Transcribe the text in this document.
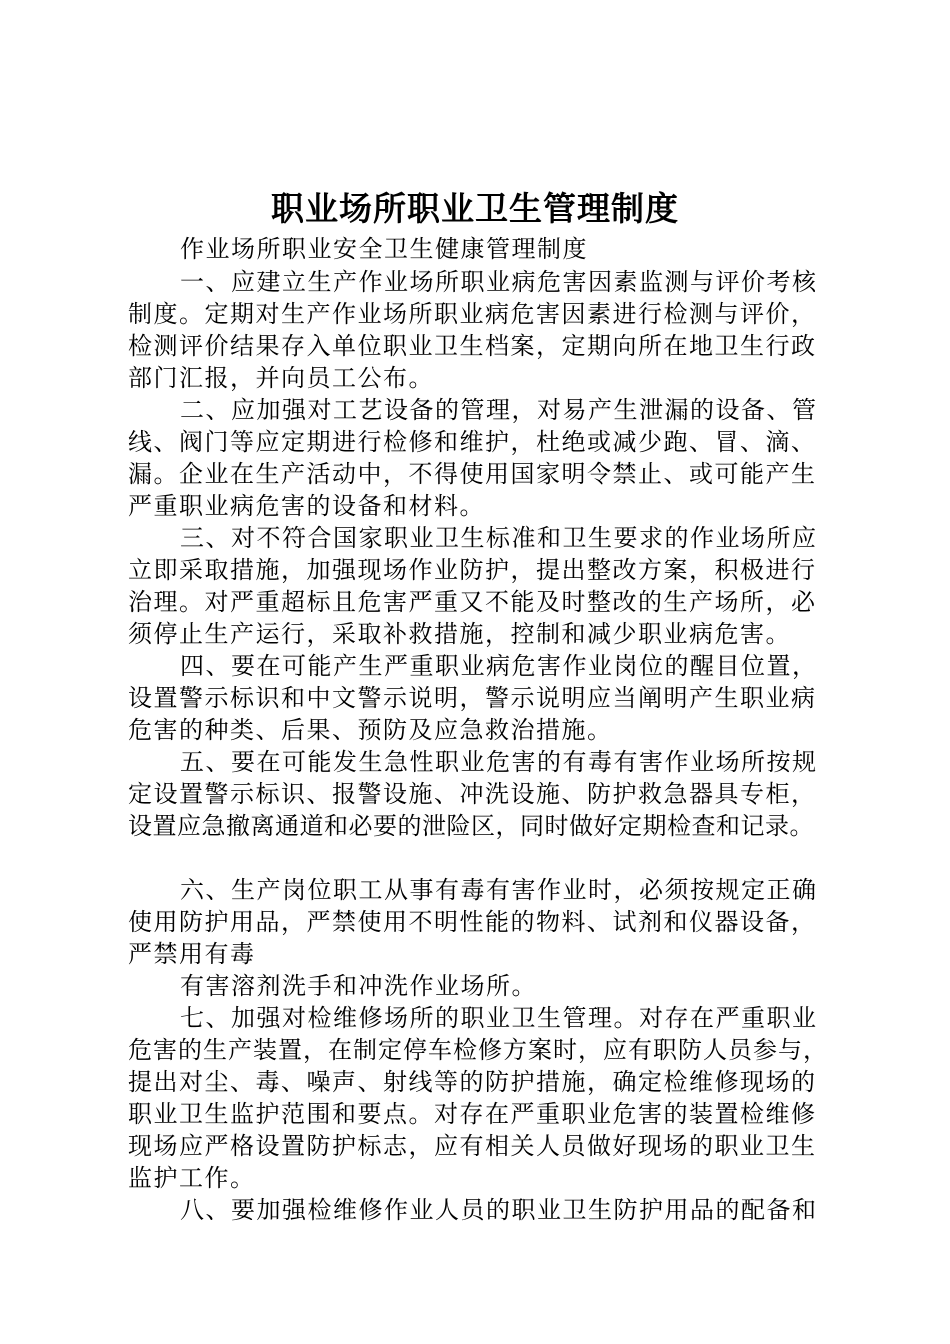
职业场所职业卫生管理制度

作业场所职业安全卫生健康管理制度

一、应建立生产作业场所职业病危害因素监测与评价考核

制度。定期对生产作业场所职业病危害因素进行检测与评价，

检测评价结果存入单位职业卫生档案，定期向所在地卫生行政

部门汇报，并向员工公布。

二、应加强对工艺设备的管理，对易产生泄漏的设备、管

线、阀门等应定期进行检修和维护，杜绝或减少跑、冒、滴、

漏。企业在生产活动中，不得使用国家明令禁止、或可能产生

严重职业病危害的设备和材料。

三、对不符合国家职业卫生标准和卫生要求的作业场所应

立即采取措施，加强现场作业防护，提出整改方案，积极进行

治理。对严重超标且危害严重又不能及时整改的生产场所，必

须停止生产运行，采取补救措施，控制和减少职业病危害。

四、要在可能产生严重职业病危害作业岗位的醒目位置，

设置警示标识和中文警示说明，警示说明应当阐明产生职业病

危害的种类、后果、预防及应急救治措施。

五、要在可能发生急性职业危害的有毒有害作业场所按规

定设置警示标识、报警设施、冲洗设施、防护救急器具专柜，

设置应急撤离通道和必要的泄险区，同时做好定期检查和记录。

六、生产岗位职工从事有毒有害作业时，必须按规定正确

使用防护用品，严禁使用不明性能的物料、试剂和仪器设备，

严禁用有毒

有害溶剂洗手和冲洗作业场所。

七、加强对检维修场所的职业卫生管理。对存在严重职业

危害的生产装置，在制定停车检修方案时，应有职防人员参与，

提出对尘、毒、噪声、射线等的防护措施，确定检维修现场的

职业卫生监护范围和要点。对存在严重职业危害的装置检维修

现场应严格设置防护标志，应有相关人员做好现场的职业卫生

监护工作。

八、要加强检维修作业人员的职业卫生防护用品的配备和
